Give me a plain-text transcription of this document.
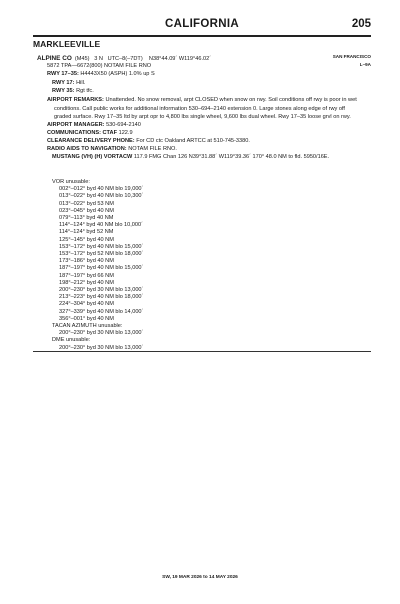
CALIFORNIA	205
MARKLEEVILLE
ALPINE CO (M45) 3 N UTC–8(–7DT) N38°44.09´ W119°46.02´	SAN FRANCISCO
L–9A
5872 TPA—6672(800) NOTAM FILE RNO
RWY 17–35: H4443X50 (ASPH) 1.0% up S
RWY 17: Hill.
RWY 35: Rgt tfc.
AIRPORT REMARKS: Unattended. No snow removal, arpt CLOSED when snow on rwy. Soil conditions off rwy is poor in wet
conditions. Call public works for additional information 530–694–2140 extension 0. Large stones along edge of rwy off
graded surface. Rwy 17–35 ltd by arpt opr to 4,800 lbs single wheel, 9,600 lbs dual wheel. Rwy 17–35 loose grvl on rwy.
AIRPORT MANAGER: 530-694-2140
COMMUNICATIONS: CTAF 122.9
CLEARANCE DELIVERY PHONE: For CD ctc Oakland ARTCC at 510-745-3380.
RADIO AIDS TO NAVIGATION: NOTAM FILE RNO.
MUSTANG (VH) (H) VORTACW 117.9 FMG Chan 126 N39°31.88´ W119°39.36´ 170° 48.0 NM to fld. 5950/16E.
VOR unusable:
002°–012° byd 40 NM blo 19,000´
013°–022° byd 40 NM blo 10,300´
013°–022° byd 53 NM
023°–045° byd 40 NM
079°–113° byd 40 NM
114°–124° byd 40 NM blo 10,000´
114°–124° byd 52 NM
125°–145° byd 40 NM
153°–172° byd 40 NM blo 15,000´
153°–172° byd 52 NM blo 18,000´
173°–186° byd 40 NM
187°–197° byd 40 NM blo 15,000´
187°–197° byd 66 NM
198°–212° byd 40 NM
200°–230° byd 30 NM blo 13,000´
213°–223° byd 40 NM blo 18,000´
224°–304° byd 40 NM
327°–339° byd 40 NM blo 14,000´
356°–001° byd 40 NM
TACAN AZIMUTH unusable:
200°–230° byd 30 NM blo 13,000´
DME unusable:
200°–230° byd 30 NM blo 13,000´
SW, 19 MAR 2026 to 14 MAY 2026
